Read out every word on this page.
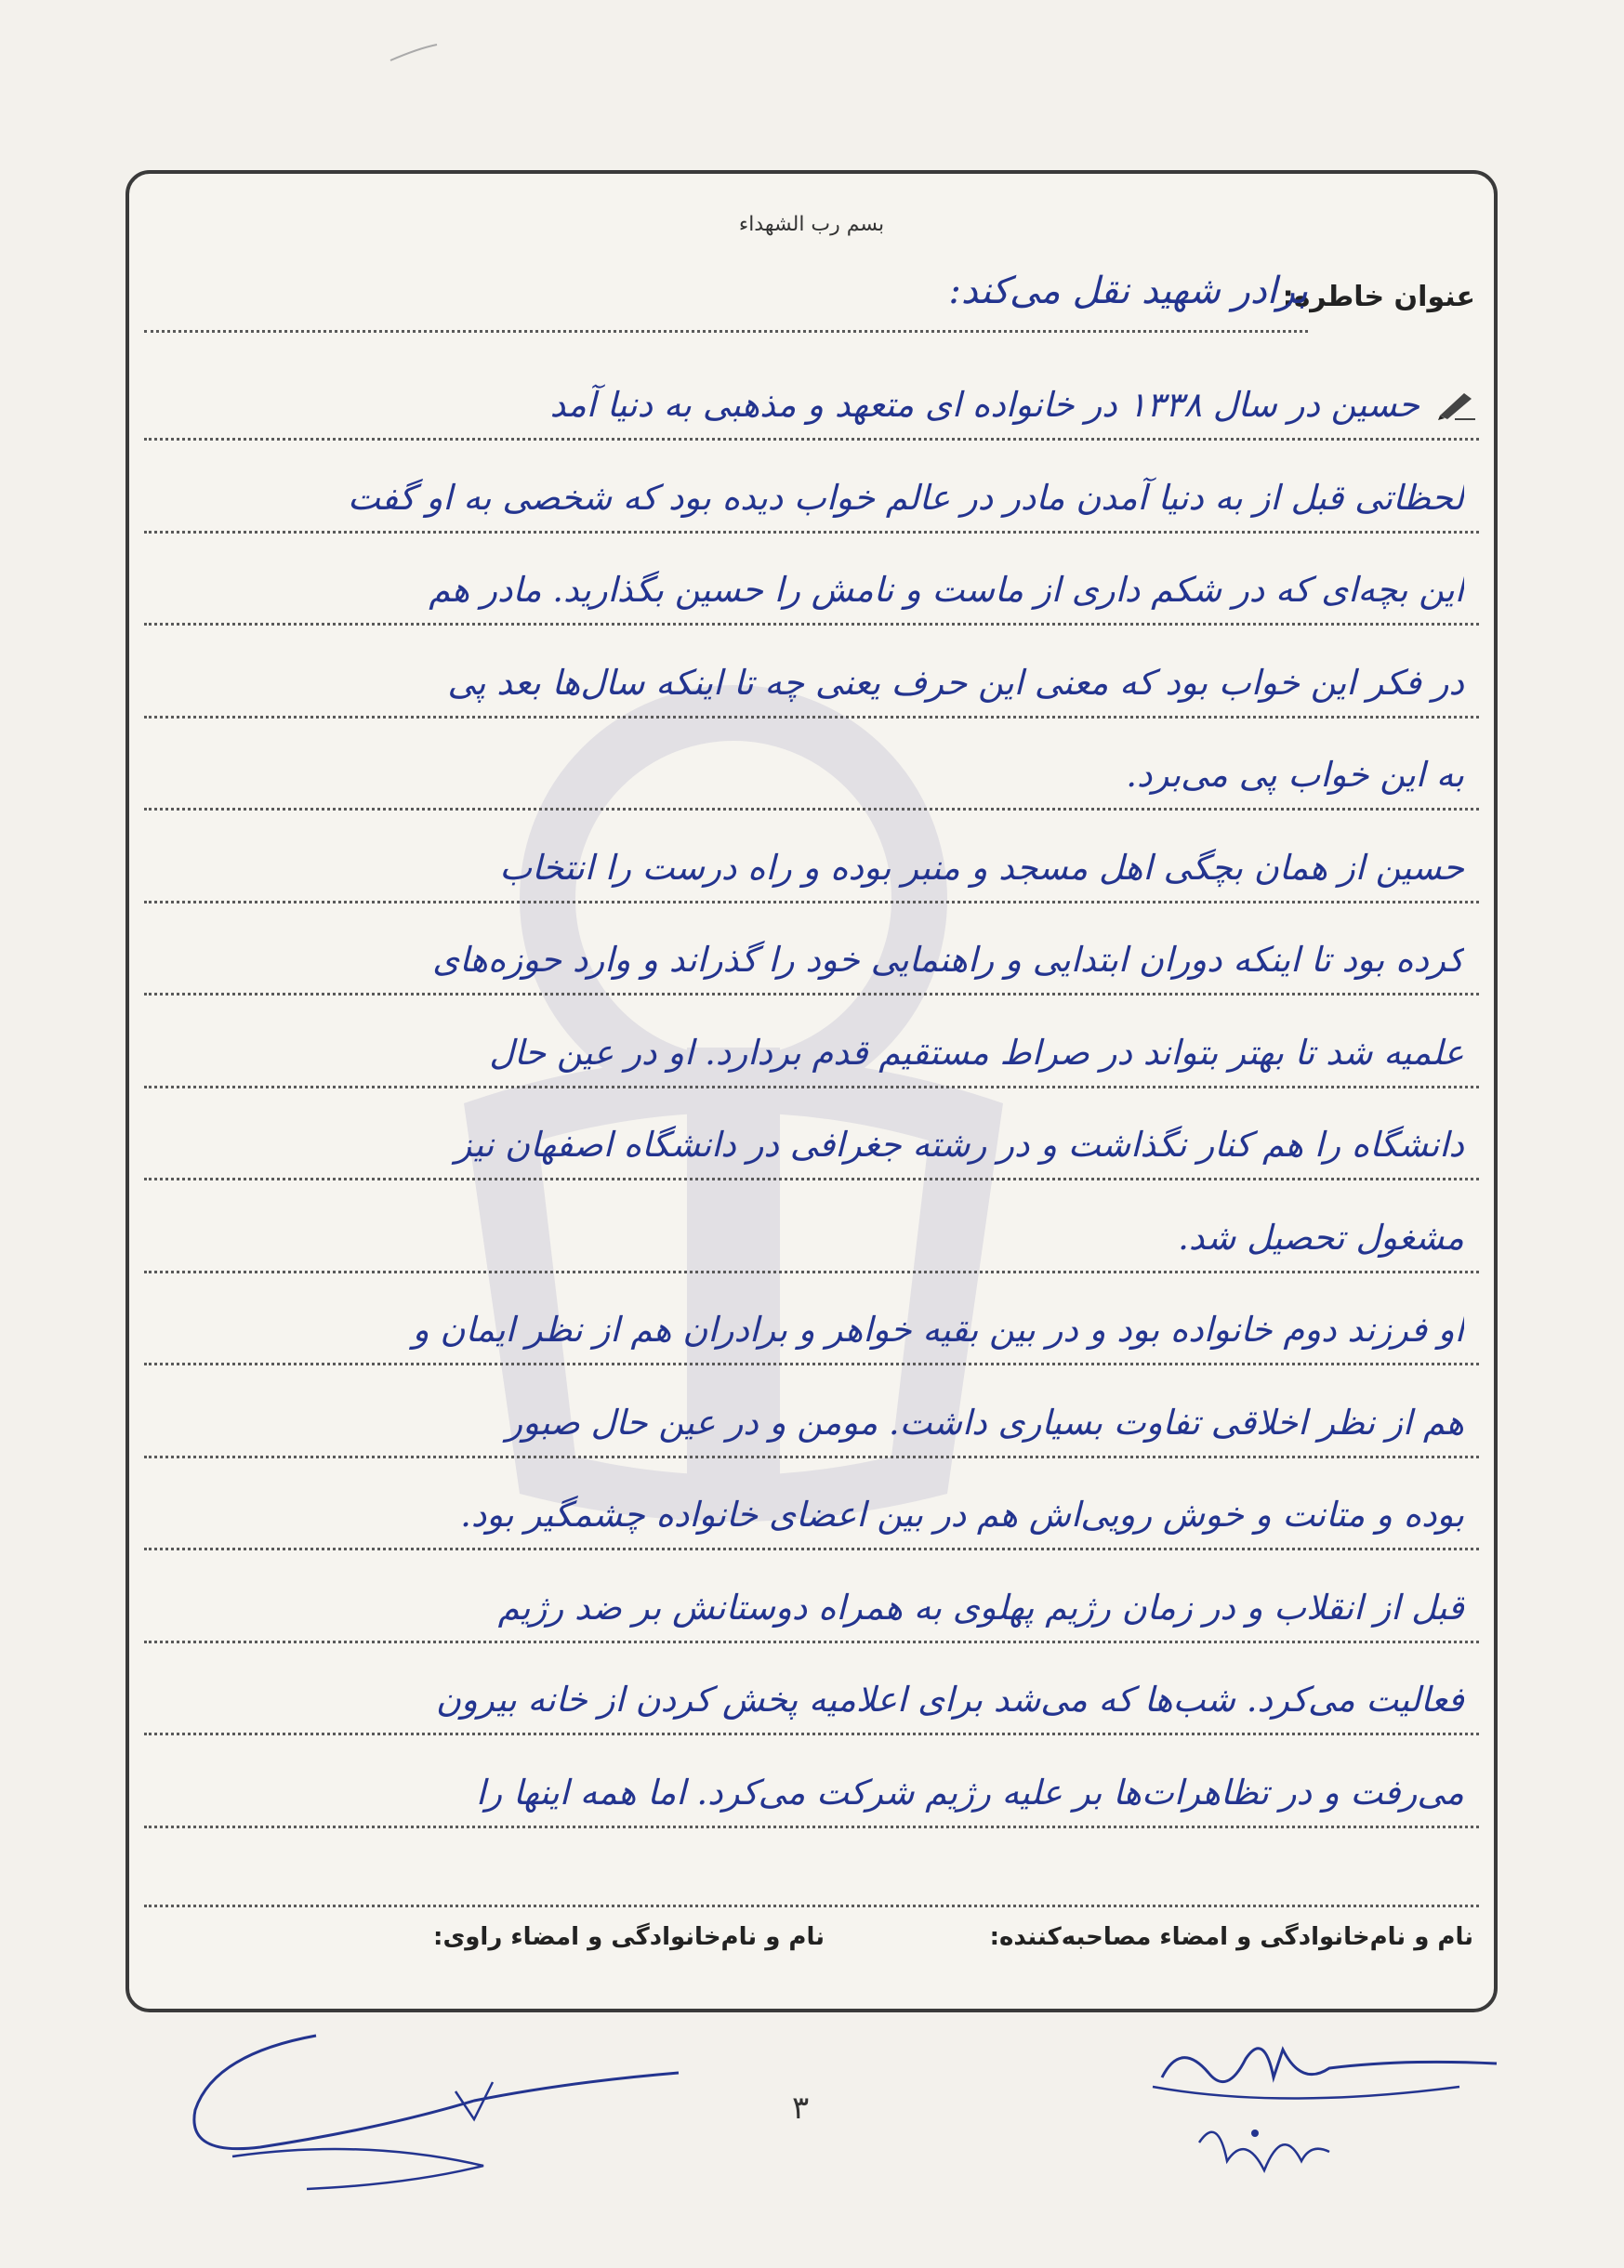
بسم رب الشهداء
عنوان خاطره:
برادر شهید نقل می‌کند:
حسین در سال ۱۳۳۸ در خانواده ای متعهد و مذهبی به دنیا آمد
لحظاتی قبل از به دنیا آمدن مادر در عالم خواب دیده بود که شخصی به او گفت
این بچه‌ای که در شکم داری از ماست و نامش را حسین بگذارید. مادر هم
در فکر این خواب بود که معنی این حرف یعنی چه تا اینکه سال‌ها بعد پی
به این خواب پی می‌برد.
حسین از همان بچگی اهل مسجد و منبر بوده و راه درست را انتخاب
کرده بود تا اینکه دوران ابتدایی و راهنمایی خود را گذراند و وارد حوزه‌های
علمیه شد تا بهتر بتواند در صراط مستقیم قدم بردارد. او در عین حال
دانشگاه را هم کنار نگذاشت و در رشته جغرافی در دانشگاه اصفهان نیز
مشغول تحصیل شد.
او فرزند دوم خانواده بود و در بین بقیه خواهر و برادران هم از نظر ایمان و
هم از نظر اخلاقی تفاوت بسیاری داشت. مومن و در عین حال صبور
بوده و متانت و خوش رویی‌اش هم در بین اعضای خانواده چشمگیر بود.
قبل از انقلاب و در زمان رژیم پهلوی به همراه دوستانش بر ضد رژیم
فعالیت می‌کرد. شب‌ها که می‌شد برای اعلامیه پخش کردن از خانه بیرون
می‌رفت و در تظاهرات‌ها بر علیه رژیم شرکت می‌کرد. اما همه اینها را
نام و نام‌خانوادگی و امضاء مصاحبه‌کننده:
نام و نام‌خانوادگی و امضاء راوی:
۳
